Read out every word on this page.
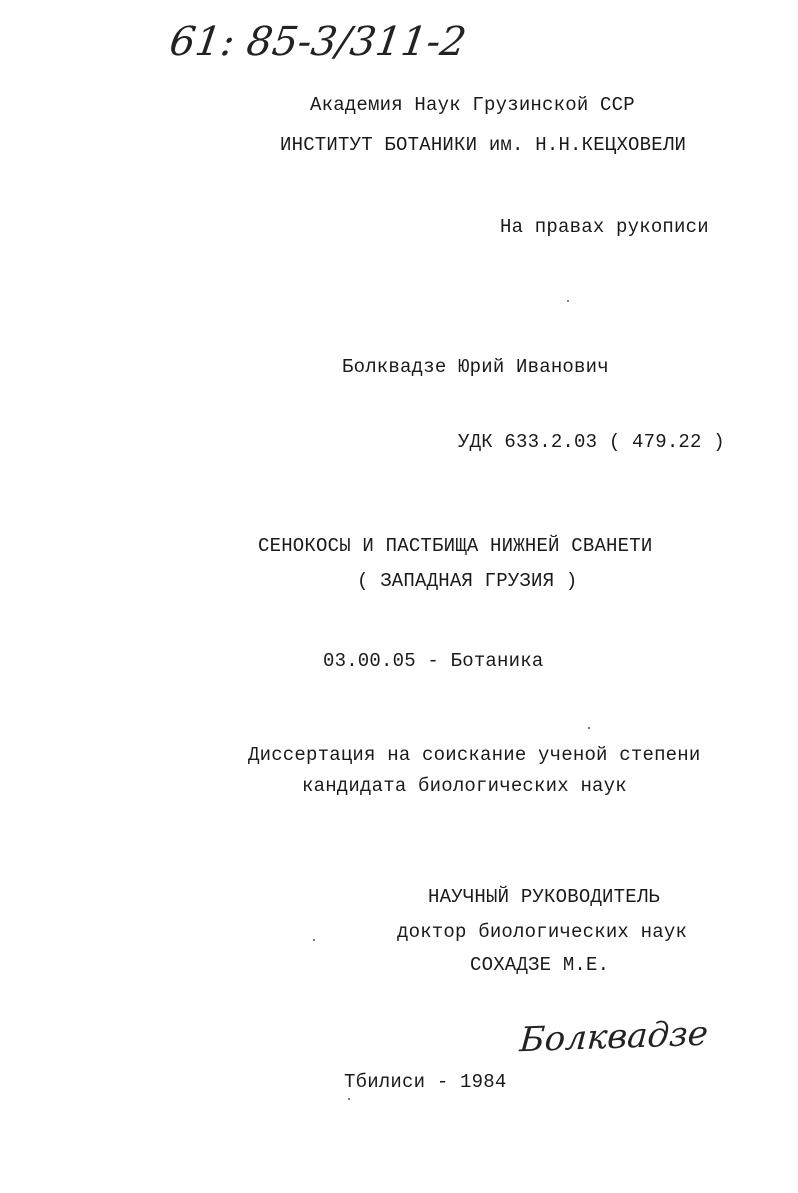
61: 85-3/311-2
Академия Наук Грузинской ССР
ИНСТИТУТ БОТАНИКИ им. Н.Н.КЕЦХОВЕЛИ
На правах рукописи
Болквадзе Юрий Иванович
УДК 633.2.03 ( 479.22 )
СЕНОКОСЫ И ПАСТБИЩА НИЖНЕЙ СВАНЕТИ
( ЗАПАДНАЯ ГРУЗИЯ )
03.00.05 - Ботаника
Диссертация на соискание ученой степени
кандидата биологических наук
НАУЧНЫЙ РУКОВОДИТЕЛЬ
доктор биологических наук
СОХАДЗЕ М.Е.
Болквадзе
Тбилиси - 1984
